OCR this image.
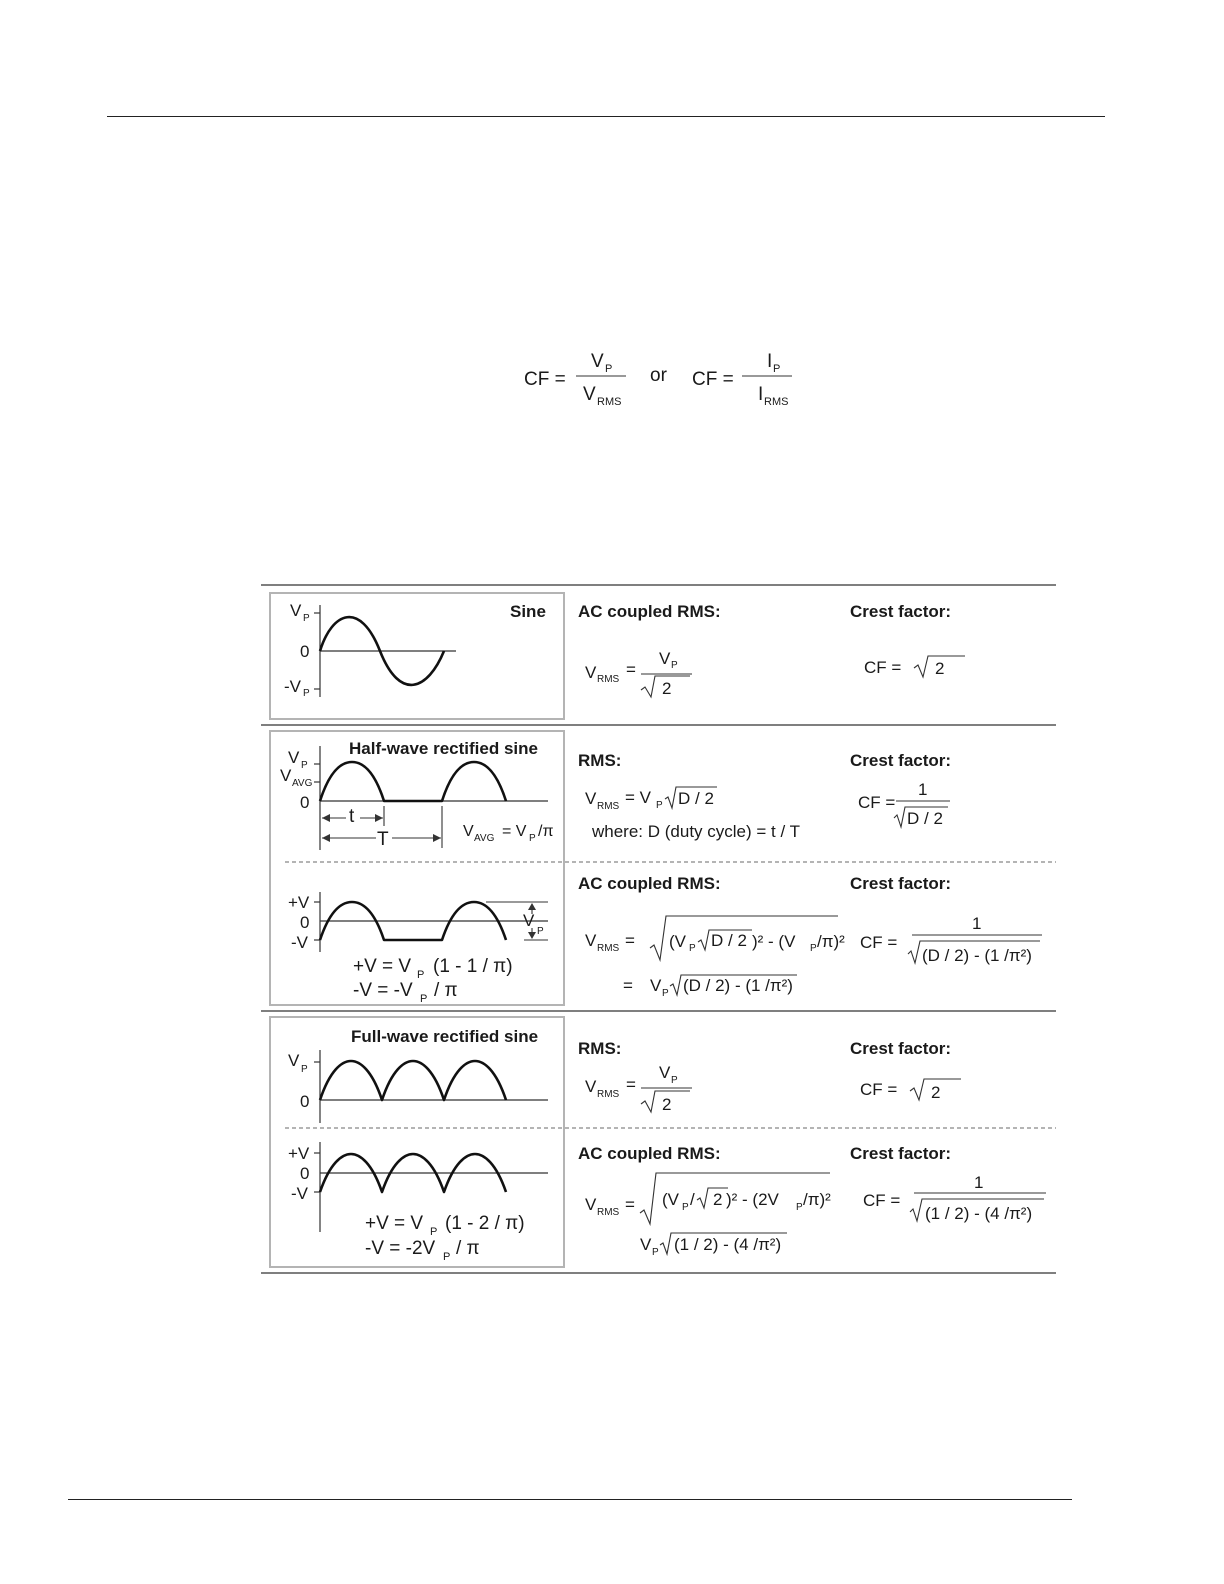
CF =
V P
V RMS
or CF =
I P
I RMS
Sine
V P
0
-V P
AC coupled RMS:
V RMS
=
V P
2
Crest factor:
CF = 2
Half-wave rectified sine
V P
V AVG
0
t
T	V AVG = V P /π
RMS:
V RMS = V P D / 2
where: D (duty cycle) = t / T
Crest factor:
CF =
1
D / 2
+V
0
-V
V
P
+V = V P (1 - 1 / π)
-V = -V P / π
AC coupled RMS:
V RMS = (V P D / 2 )² - (V P /π)²
= V P (D / 2) - (1 /π²)
Crest factor:
CF =
1
(D / 2) - (1 /π²)
Full-wave rectified sine
V P
0
RMS:
V RMS
=
V P
2
Crest factor:
CF = 2
+V
0
-V
+V = V P (1 - 2 / π)
-V = -2V P / π
AC coupled RMS:
V RMS = (V P / 2 )² - (2V P /π)²
V P (1 / 2) - (4 /π²)
Crest factor:
CF =
1
(1 / 2) - (4 /π²)
